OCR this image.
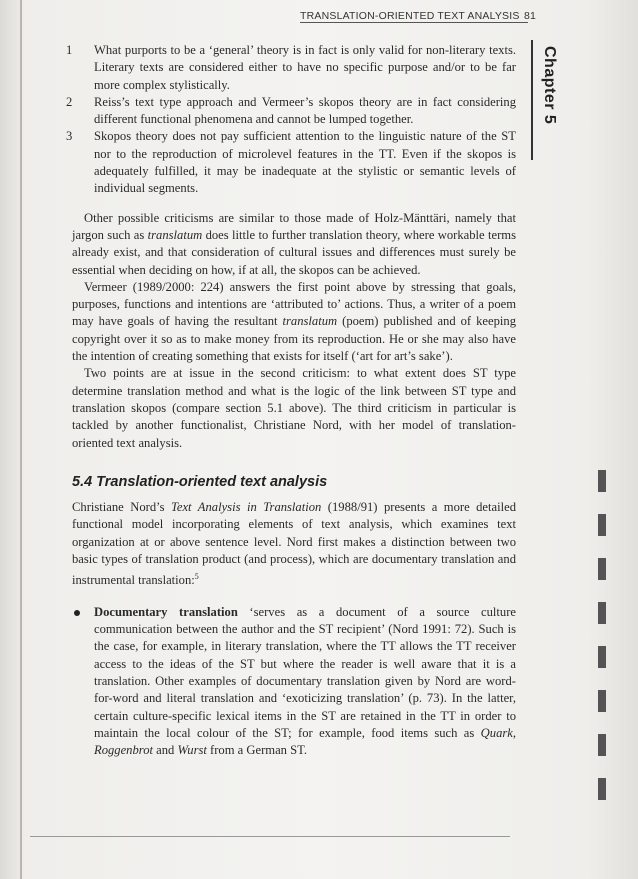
TRANSLATION-ORIENTED TEXT ANALYSIS 81
Chapter 5
1 What purports to be a ‘general’ theory is in fact is only valid for non-literary texts. Literary texts are considered either to have no specific purpose and/or to be far more complex stylistically.
2 Reiss’s text type approach and Vermeer’s skopos theory are in fact considering different functional phenomena and cannot be lumped together.
3 Skopos theory does not pay sufficient attention to the linguistic nature of the ST nor to the reproduction of microlevel features in the TT. Even if the skopos is adequately fulfilled, it may be inadequate at the stylistic or semantic levels of individual segments.

Other possible criticisms are similar to those made of Holz-Mänttäri, namely that jargon such as translatum does little to further translation theory, where workable terms already exist, and that consideration of cultural issues and differences must surely be essential when deciding on how, if at all, the skopos can be achieved.

Vermeer (1989/2000: 224) answers the first point above by stressing that goals, purposes, functions and intentions are ‘attributed to’ actions. Thus, a writer of a poem may have goals of having the resultant translatum (poem) published and of keeping copyright over it so as to make money from its reproduction. He or she may also have the intention of creating something that exists for itself (‘art for art’s sake’).

Two points are at issue in the second criticism: to what extent does ST type determine translation method and what is the logic of the link between ST type and translation skopos (compare section 5.1 above). The third criticism in particular is tackled by another functionalist, Christiane Nord, with her model of translation-oriented text analysis.

5.4 Translation-oriented text analysis

Christiane Nord’s Text Analysis in Translation (1988/91) presents a more detailed functional model incorporating elements of text analysis, which examines text organization at or above sentence level. Nord first makes a distinction between two basic types of translation product (and process), which are documentary translation and instrumental translation:$^5$

Documentary translation ‘serves as a document of a source culture communication between the author and the ST recipient’ (Nord 1991: 72). Such is the case, for example, in literary translation, where the TT allows the TT receiver access to the ideas of the ST but where the reader is well aware that it is a translation. Other examples of documentary translation given by Nord are word-for-word and literal translation and ‘exoticizing translation’ (p. 73). In the latter, certain culture-specific lexical items in the ST are retained in the TT in order to maintain the local colour of the ST; for example, food items such as Quark, Roggenbrot and Wurst from a German ST.
